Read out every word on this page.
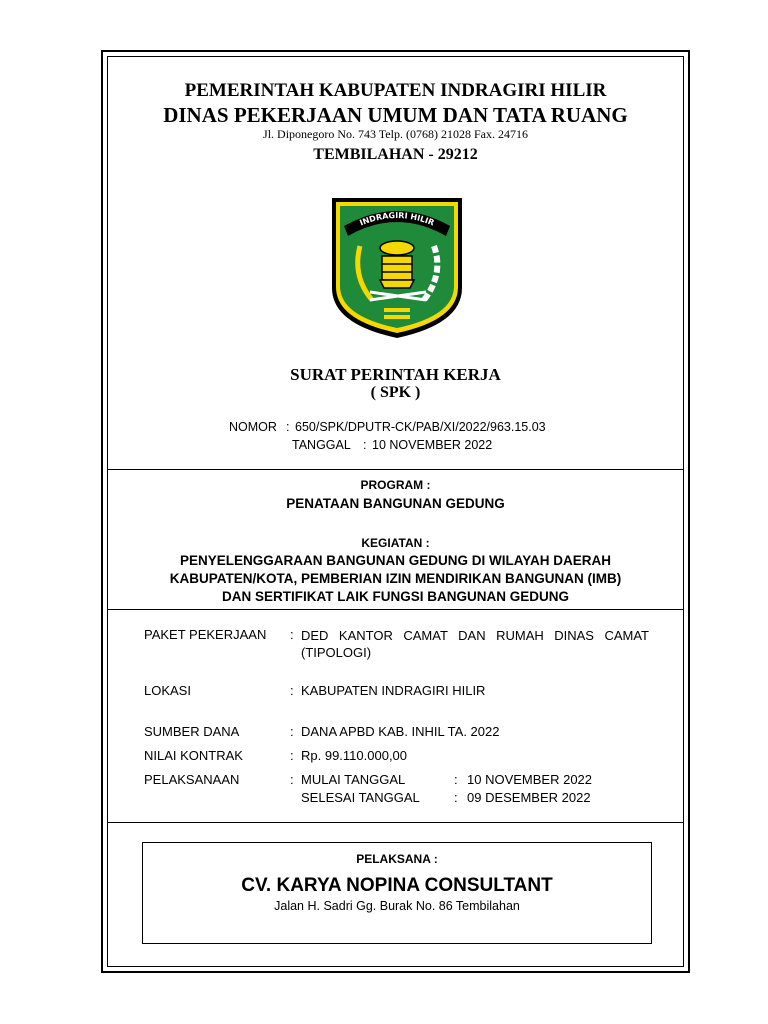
PEMERINTAH KABUPATEN INDRAGIRI HILIR
DINAS PEKERJAAN UMUM DAN TATA RUANG
Jl. Diponegoro No. 743 Telp. (0768) 21028 Fax. 24716
TEMBILAHAN - 29212
INDRAGIRI HILIR
SURAT PERINTAH KERJA
( SPK )
NOMOR : 650/SPK/DPUTR-CK/PAB/XI/2022/963.15.03
TANGGAL : 10 NOVEMBER 2022
PROGRAM :
PENATAAN BANGUNAN GEDUNG
KEGIATAN :
PENYELENGGARAAN BANGUNAN GEDUNG DI WILAYAH DAERAH
KABUPATEN/KOTA, PEMBERIAN IZIN MENDIRIKAN BANGUNAN (IMB)
DAN SERTIFIKAT LAIK FUNGSI BANGUNAN GEDUNG
PAKET PEKERJAAN : DED KANTOR CAMAT DAN RUMAH DINAS CAMAT (TIPOLOGI)
LOKASI	: KABUPATEN INDRAGIRI HILIR
SUMBER DANA	: DANA APBD KAB. INHIL TA. 2022
NILAI KONTRAK	: Rp. 99.110.000,00
PELAKSANAAN	: MULAI TANGGAL	: 10 NOVEMBER 2022
SELESAI TANGGAL	: 09 DESEMBER 2022
PELAKSANA :
CV. KARYA NOPINA CONSULTANT
Jalan H. Sadri Gg. Burak No. 86 Tembilahan
